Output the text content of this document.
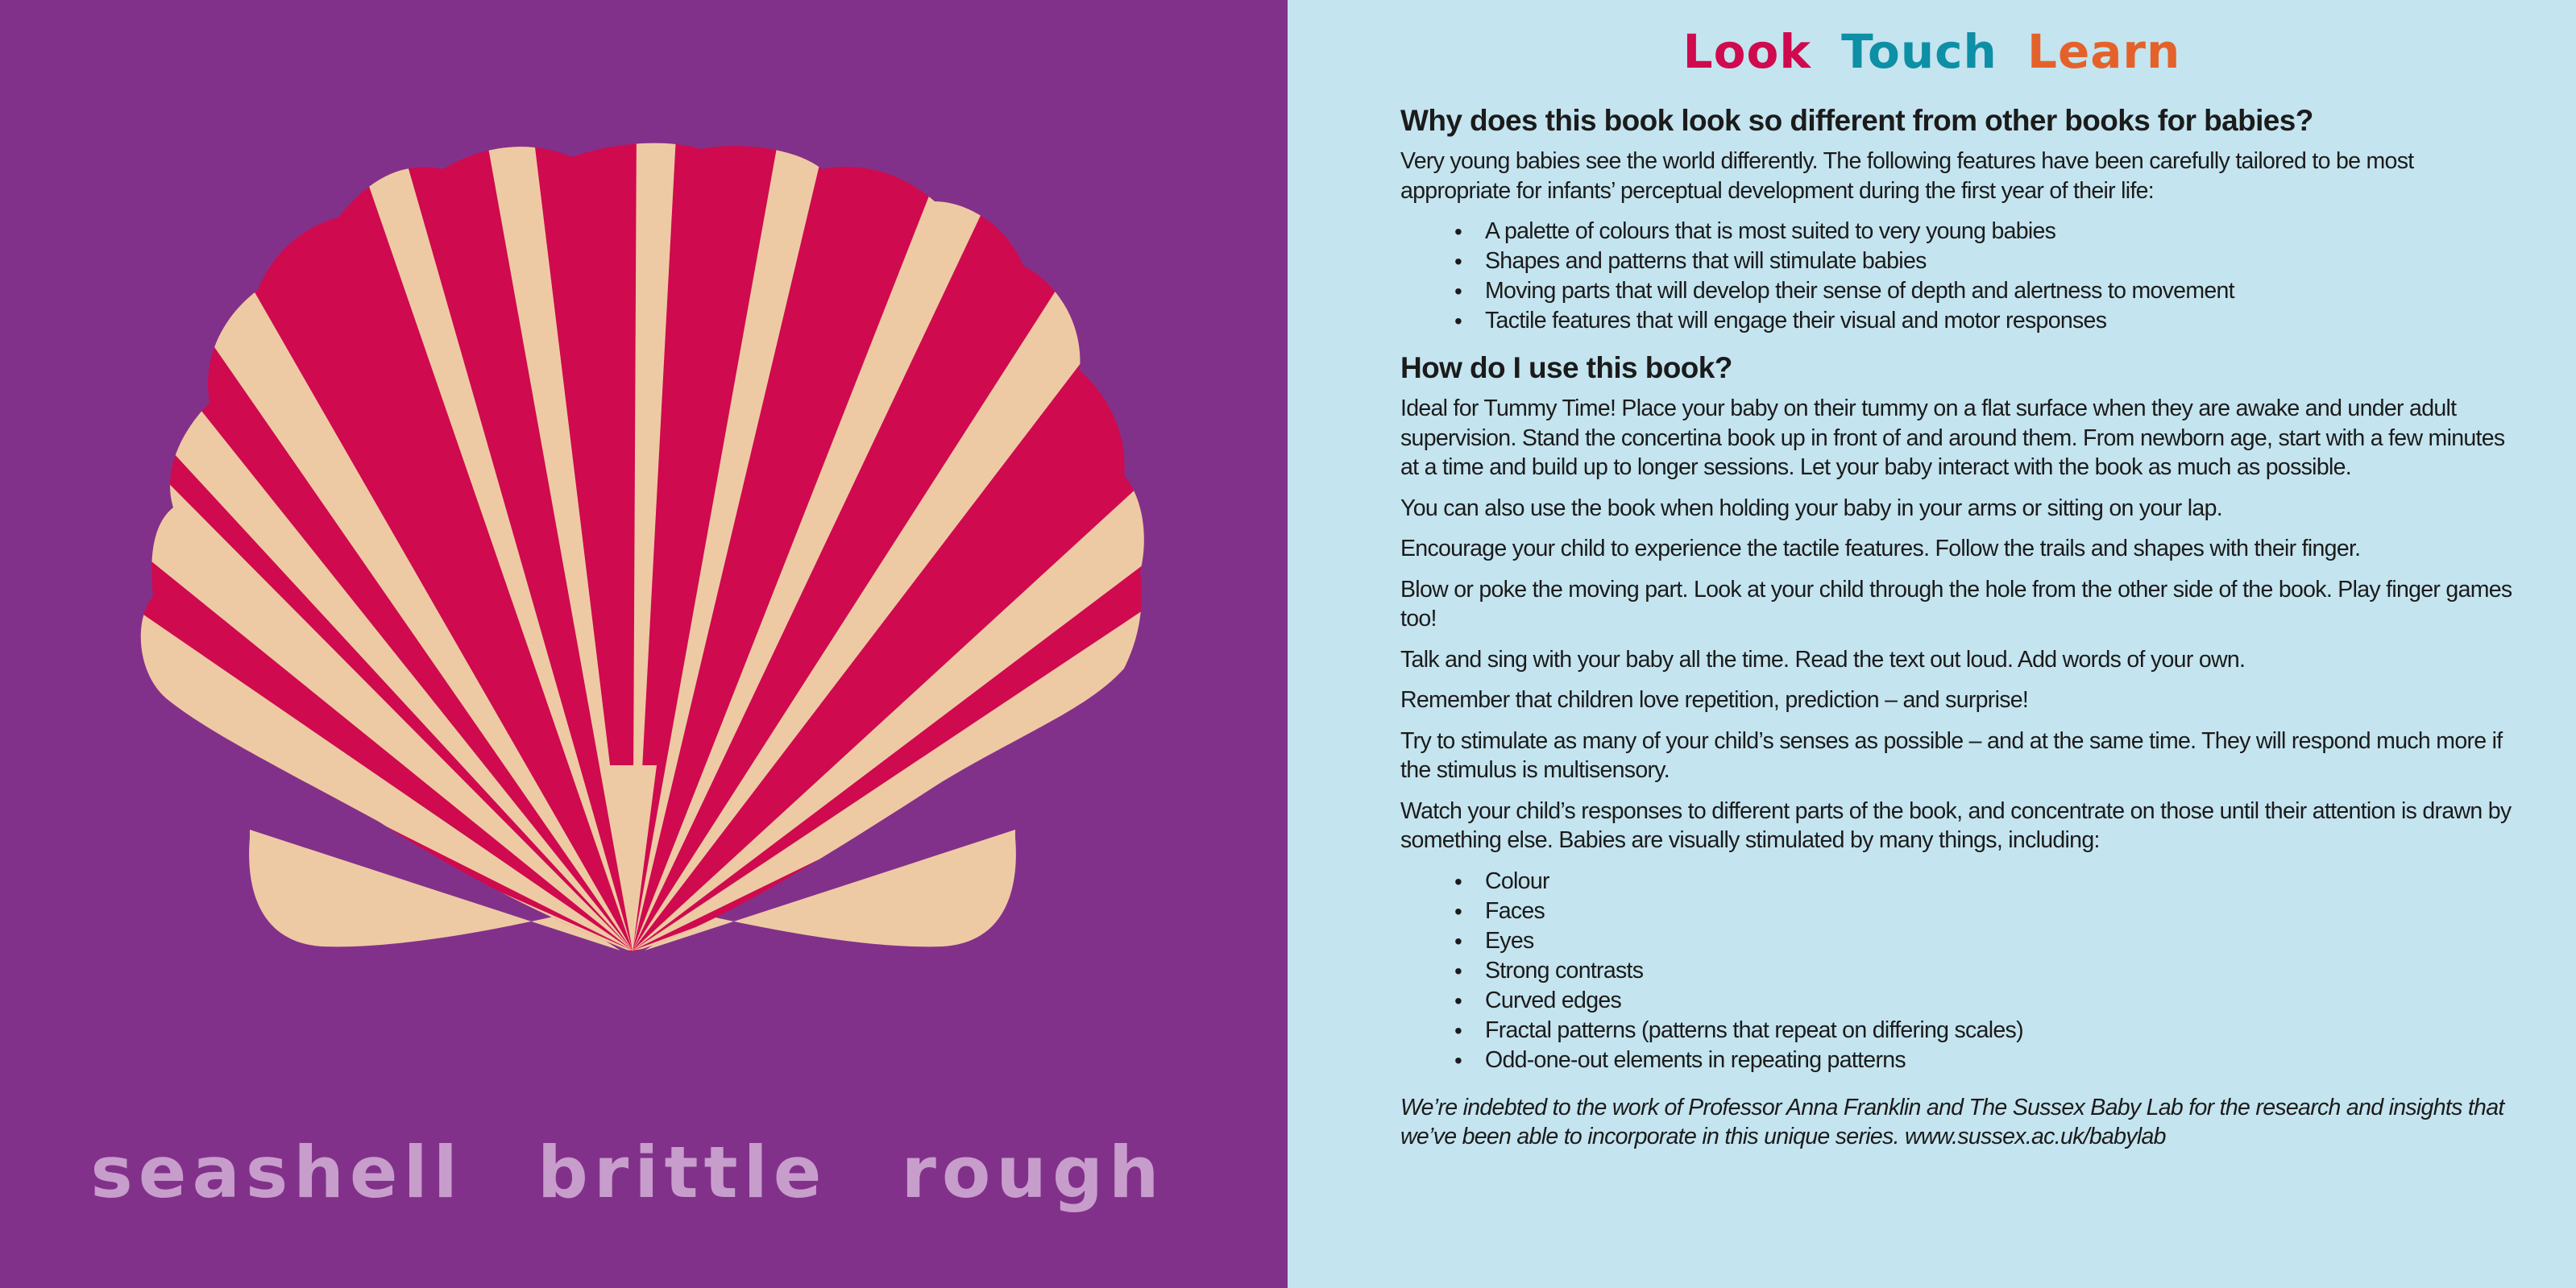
seashell brittle rough
Look Touch Learn
Why does this book look so different from other books for babies?

Very young babies see the world differently. The following features have been carefully tailored to be most appropriate for infants’ perceptual development during the first year of their life:

• A palette of colours that is most suited to very young babies
• Shapes and patterns that will stimulate babies
• Moving parts that will develop their sense of depth and alertness to movement
• Tactile features that will engage their visual and motor responses
How do I use this book?

Ideal for Tummy Time! Place your baby on their tummy on a flat surface when they are awake and under adult supervision. Stand the concertina book up in front of and around them. From newborn age, start with a few minutes at a time and build up to longer sessions. Let your baby interact with the book as much as possible.

You can also use the book when holding your baby in your arms or sitting on your lap.

Encourage your child to experience the tactile features. Follow the trails and shapes with their finger.

Blow or poke the moving part. Look at your child through the hole from the other side of the book. Play finger games too!

Talk and sing with your baby all the time. Read the text out loud. Add words of your own.

Remember that children love repetition, prediction – and surprise!

Try to stimulate as many of your child’s senses as possible – and at the same time. They will respond much more if the stimulus is multisensory.

Watch your child’s responses to different parts of the book, and concentrate on those until their attention is drawn by something else. Babies are visually stimulated by many things, including:

• Colour
• Faces
• Eyes
• Strong contrasts
• Curved edges
• Fractal patterns (patterns that repeat on differing scales)
• Odd-one-out elements in repeating patterns

We’re indebted to the work of Professor Anna Franklin and The Sussex Baby Lab for the research and insights that we’ve been able to incorporate in this unique series. www.sussex.ac.uk/babylab
